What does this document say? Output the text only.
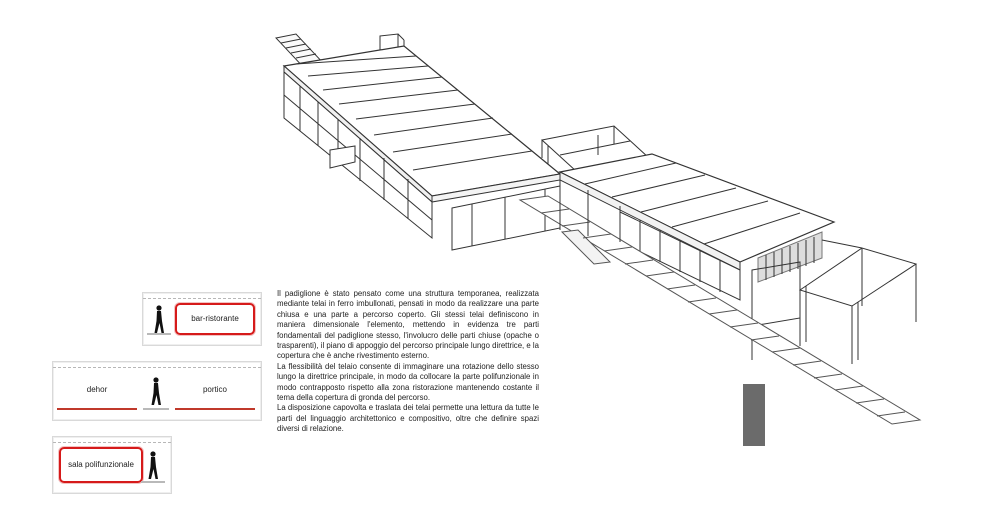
bar-ristorante
dehor	portico
sala polifunzionale

Il padiglione è stato pensato come una struttura temporanea, realizzata mediante telai in ferro imbullonati, pensati in modo da realizzare una parte chiusa e una parte a percorso coperto. Gli stessi telai definiscono in maniera dimensionale l'elemento, mettendo in evidenza tre parti fondamentali del padiglione stesso, l'involucro delle parti chiuse (opache o trasparenti), il piano di appoggio del percorso principale lungo direttrice, e la copertura che è anche rivestimento esterno.

La flessibilità del telaio consente di immaginare una rotazione dello stesso lungo la direttrice principale, in modo da collocare la parte polifunzionale in modo contrapposto rispetto alla zona ristorazione mantenendo costante il tema della copertura di gronda del percorso.

La disposizione capovolta e traslata dei telai permette una lettura da tutte le parti del linguaggio architettonico e compositivo, oltre che definire spazi diversi di relazione.
